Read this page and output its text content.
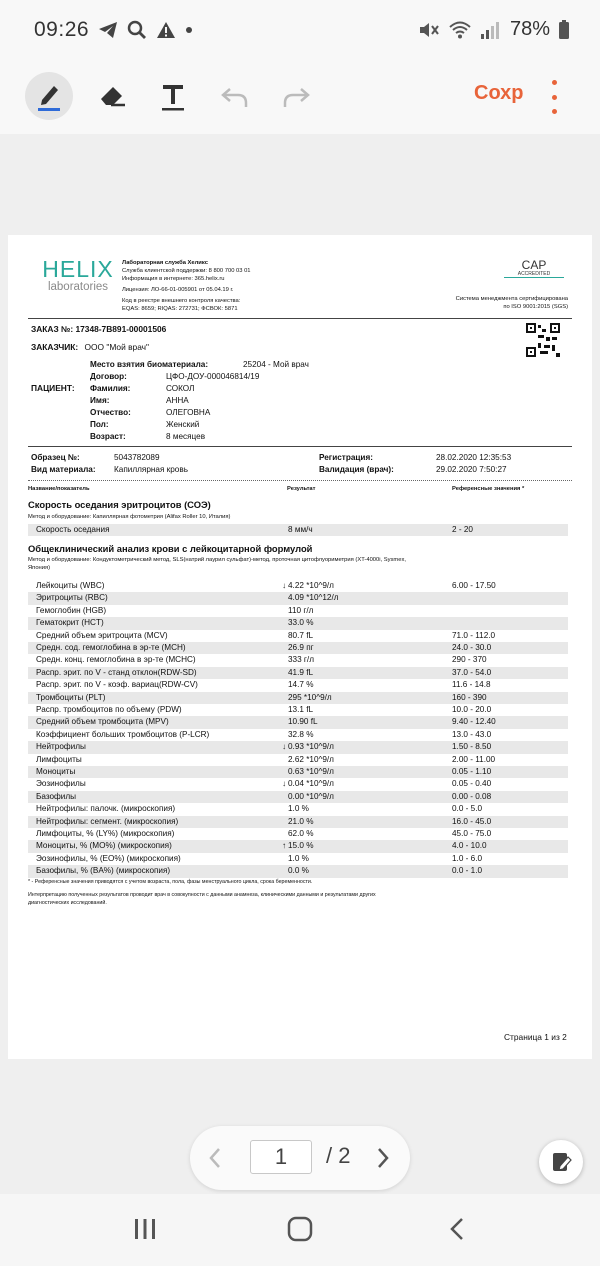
09:26	78%
Сохр
HELIX
laboratories
Лабораторная служба Хеликс
Служба клиентской поддержки: 8 800 700 03 01
Информация в интернете: 365.helix.ru
Лицензия: ЛО-66-01-005901 от 05.04.19 г.
Код в реестре внешнего контроля качества:
EQAS: 8659; RIQAS: 272731; ФСВОК: 5871
CAP
ACCREDITED
Система менеджмента сертифицирована
по ISO 9001:2015 (SGS)
ЗАКАЗ №: 17348-7B891-00001506
ЗАКАЗЧИК: ООО "Мой врач"
ПАЦИЕНТ:
Место взятия биоматериала:	25204 - Мой врач
Договор:	ЦФО-ДОУ-000046814/19
Фамилия:	СОКОЛ
Имя:	АННА
Отчество:	ОЛЕГОВНА
Пол:	Женский
Возраст:	8 месяцев
Образец №:	5043782089
Вид материала: Капиллярная кровь
Регистрация:	28.02.2020 12:35:53
Валидация (врач):	29.02.2020 7:50:27
Название/показатель	Результат	Референсные значения *
Скорость оседания эритроцитов (СОЭ)
Метод и оборудование: Капиллярная фотометрия (Alifax Roller 10, Италия)
Скорость оседания	8 мм/ч	2 - 20
Общеклинический анализ крови с лейкоцитарной формулой
Метод и оборудование: Кондуктометрический метод, SLS(натрий лаурил сульфат)-метод, проточная цитофлуориметрия (XT-4000i, Sysmex,
Япония)
Лейкоциты (WBC)	↓ 4.22 *10^9/л	6.00 - 17.50
Эритроциты (RBC)	4.09 *10^12/л
Гемоглобин (HGB)	110 г/л
Гематокрит (HCT)	33.0 %
Средний объем эритроцита (MCV)	80.7 fL	71.0 - 112.0
Средн. сод. гемоглобина в эр-те (MCH)	26.9 пг	24.0 - 30.0
Средн. конц. гемоглобина в эр-те (MCHC)	333 г/л	290 - 370
Распр. эрит. по V - станд отклон(RDW-SD)	41.9 fL	37.0 - 54.0
Распр. эрит. по V - коэф. вариац(RDW-CV)	14.7 %	11.6 - 14.8
Тромбоциты (PLT)	295 *10^9/л	160 - 390
Распр. тромбоцитов по объему (PDW)	13.1 fL	10.0 - 20.0
Средний объем тромбоцита (MPV)	10.90 fL	9.40 - 12.40
Коэффициент больших тромбоцитов (P-LCR)	32.8 %	13.0 - 43.0
Нейтрофилы	↓ 0.93 *10^9/л	1.50 - 8.50
Лимфоциты	2.62 *10^9/л	2.00 - 11.00
Моноциты	0.63 *10^9/л	0.05 - 1.10
Эозинофилы	↓ 0.04 *10^9/л	0.05 - 0.40
Базофилы	0.00 *10^9/л	0.00 - 0.08
Нейтрофилы: палочк. (микроскопия)	1.0 %	0.0 - 5.0
Нейтрофилы: сегмент. (микроскопия)	21.0 %	16.0 - 45.0
Лимфоциты, % (LY%) (микроскопия)	62.0 %	45.0 - 75.0
Моноциты, % (MO%) (микроскопия)	↑ 15.0 %	4.0 - 10.0
Эозинофилы, % (EO%) (микроскопия)	1.0 %	1.0 - 6.0
Базофилы, % (BA%) (микроскопия)	0.0 %	0.0 - 1.0
* - Референсные значения приводятся с учетом возраста, пола, фазы менструального цикла, срока беременности.
Интерпретацию полученных результатов проводит врач в совокупности с данными анамнеза, клиническими данными и результатами других
диагностических исследований.
Страница 1 из 2
1	/ 2
